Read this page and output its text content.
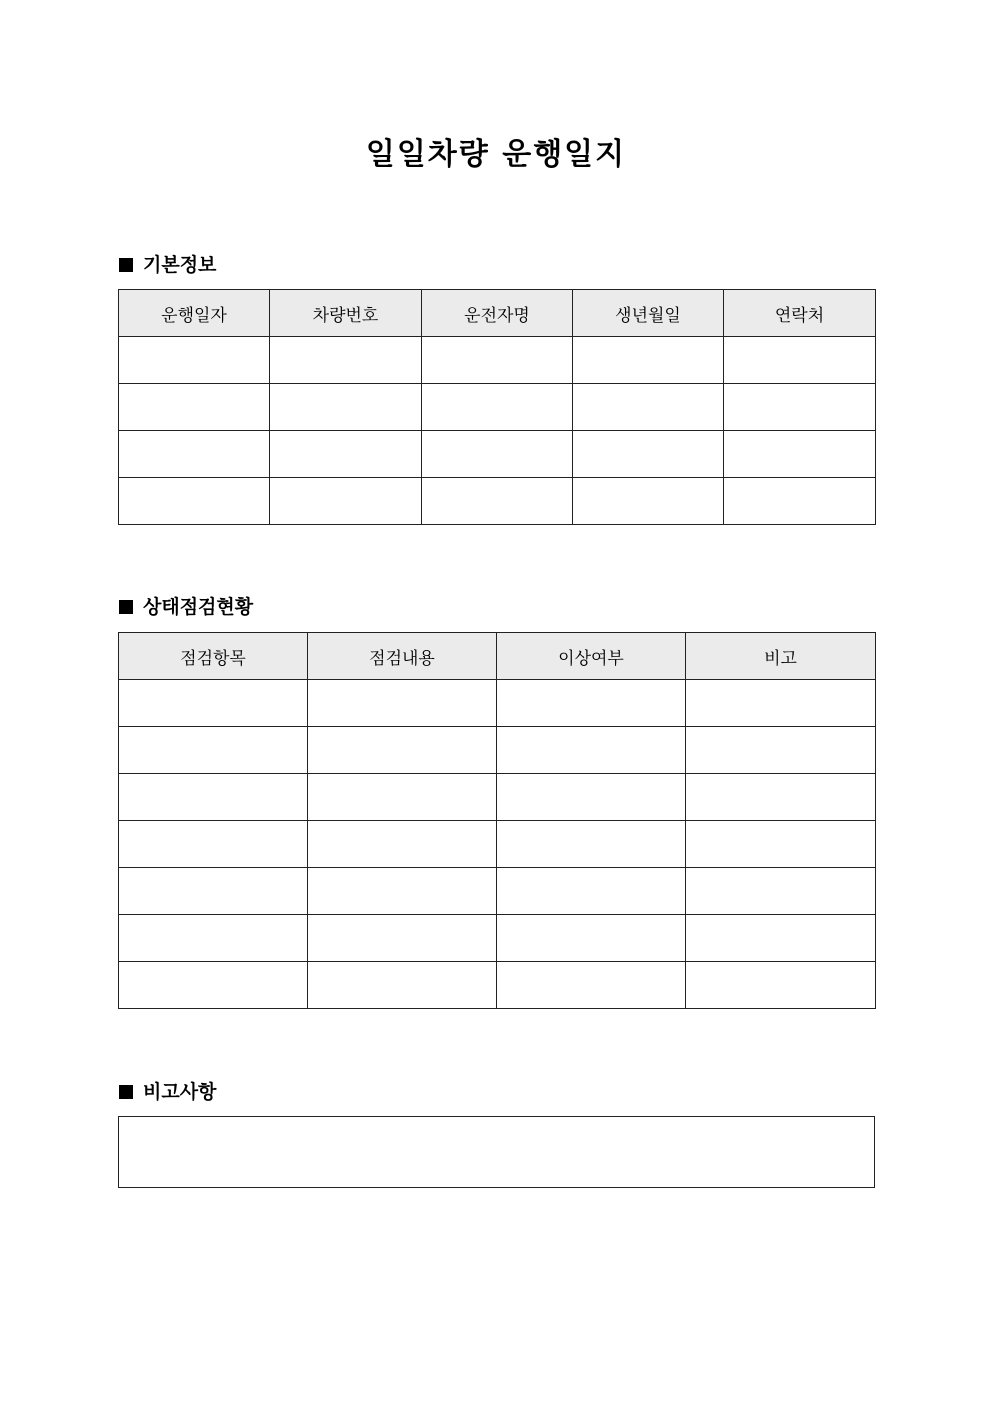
일일차량 운행일지
기본정보
운행일자	차량번호	운전자명	생년월일	연락처

상태점검현황
점검항목	점검내용	이상여부	비고

비고사항
